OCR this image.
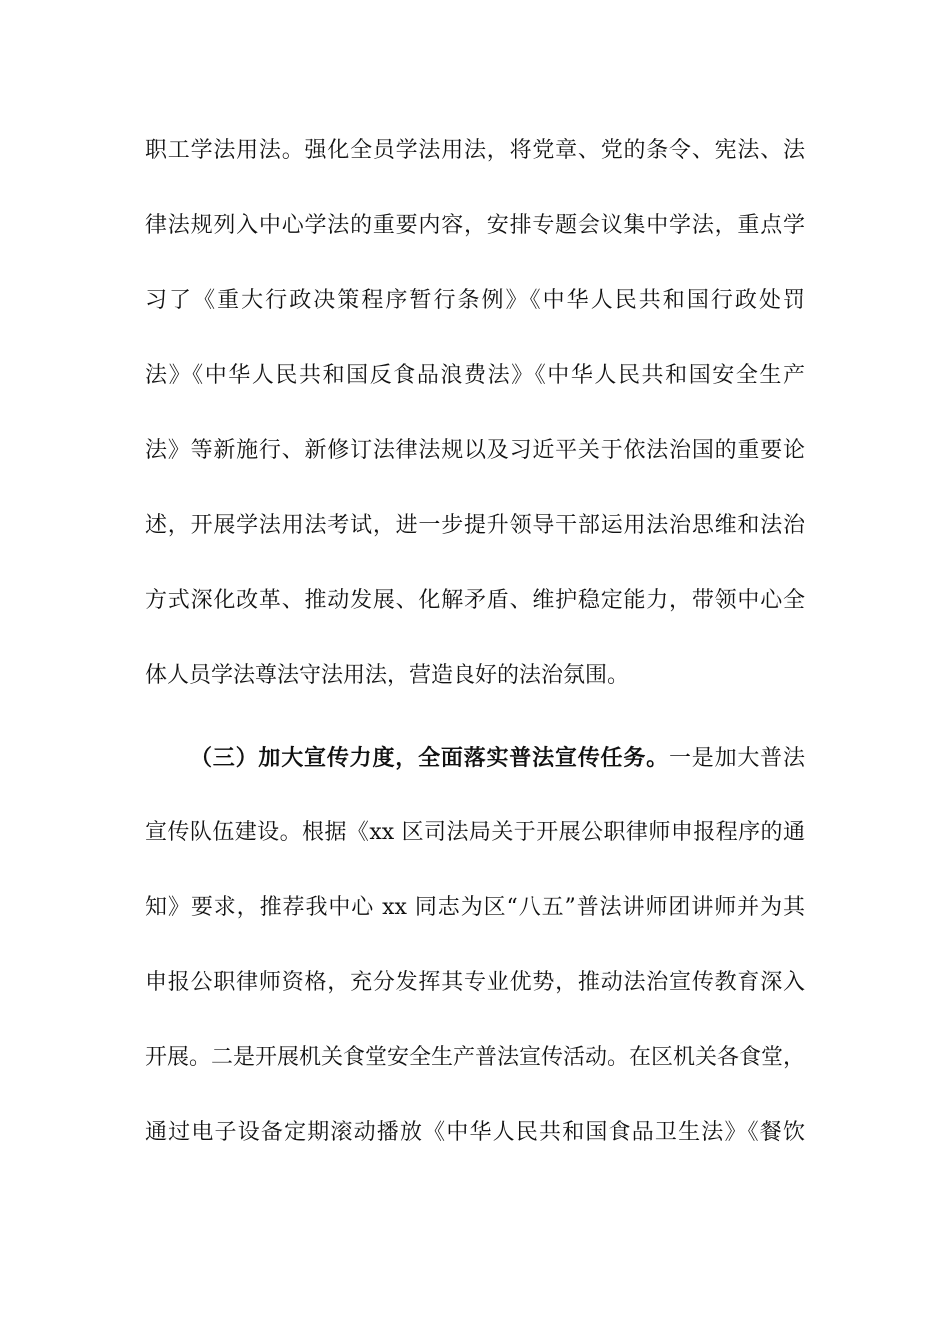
职工学法用法。强化全员学法用法，将党章、党的条令、宪法、法
律法规列入中心学法的重要内容，安排专题会议集中学法，重点学
习了《重大行政决策程序暂行条例》《中华人民共和国行政处罚
法》《中华人民共和国反食品浪费法》《中华人民共和国安全生产
法》等新施行、新修订法律法规以及习近平关于依法治国的重要论
述，开展学法用法考试，进一步提升领导干部运用法治思维和法治
方式深化改革、推动发展、化解矛盾、维护稳定能力，带领中心全
体人员学法尊法守法用法，营造良好的法治氛围。
（三）加大宣传力度，全面落实普法宣传任务。一是加大普法
宣传队伍建设。根据《xx 区司法局关于开展公职律师申报程序的通
知》要求，推荐我中心 xx 同志为区“八五”普法讲师团讲师并为其
申报公职律师资格，充分发挥其专业优势，推动法治宣传教育深入
开展。二是开展机关食堂安全生产普法宣传活动。在区机关各食堂，
通过电子设备定期滚动播放《中华人民共和国食品卫生法》《餐饮
